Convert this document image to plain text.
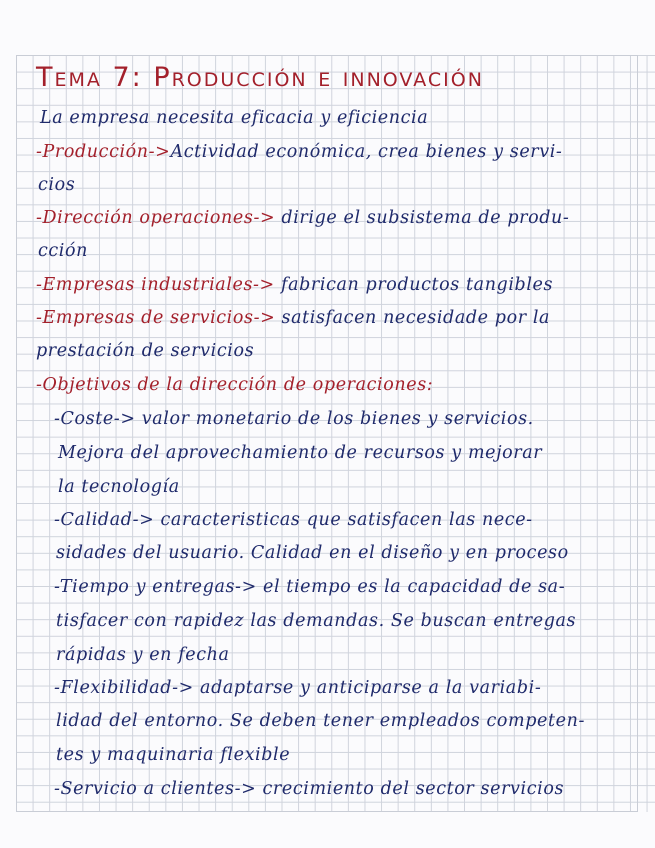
Tema 7: Producción e innovación
La empresa necesita eficacia y eficiencia
-Producción->Actividad económica, crea bienes y servi-
cios
-Dirección operaciones-> dirige el subsistema de produ-
cción
-Empresas industriales-> fabrican productos tangibles
-Empresas de servicios-> satisfacen necesidade por la
prestación de servicios
-Objetivos de la dirección de operaciones:
-Coste-> valor monetario de los bienes y servicios.
Mejora del aprovechamiento de recursos y mejorar
la tecnología
-Calidad-> caracteristicas que satisfacen las nece-
sidades del usuario. Calidad en el diseño y en proceso
-Tiempo y entregas-> el tiempo es la capacidad de sa-
tisfacer con rapidez las demandas. Se buscan entregas
rápidas y en fecha
-Flexibilidad-> adaptarse y anticiparse a la variabi-
lidad del entorno. Se deben tener empleados competen-
tes y maquinaria flexible
-Servicio a clientes-> crecimiento del sector servicios
